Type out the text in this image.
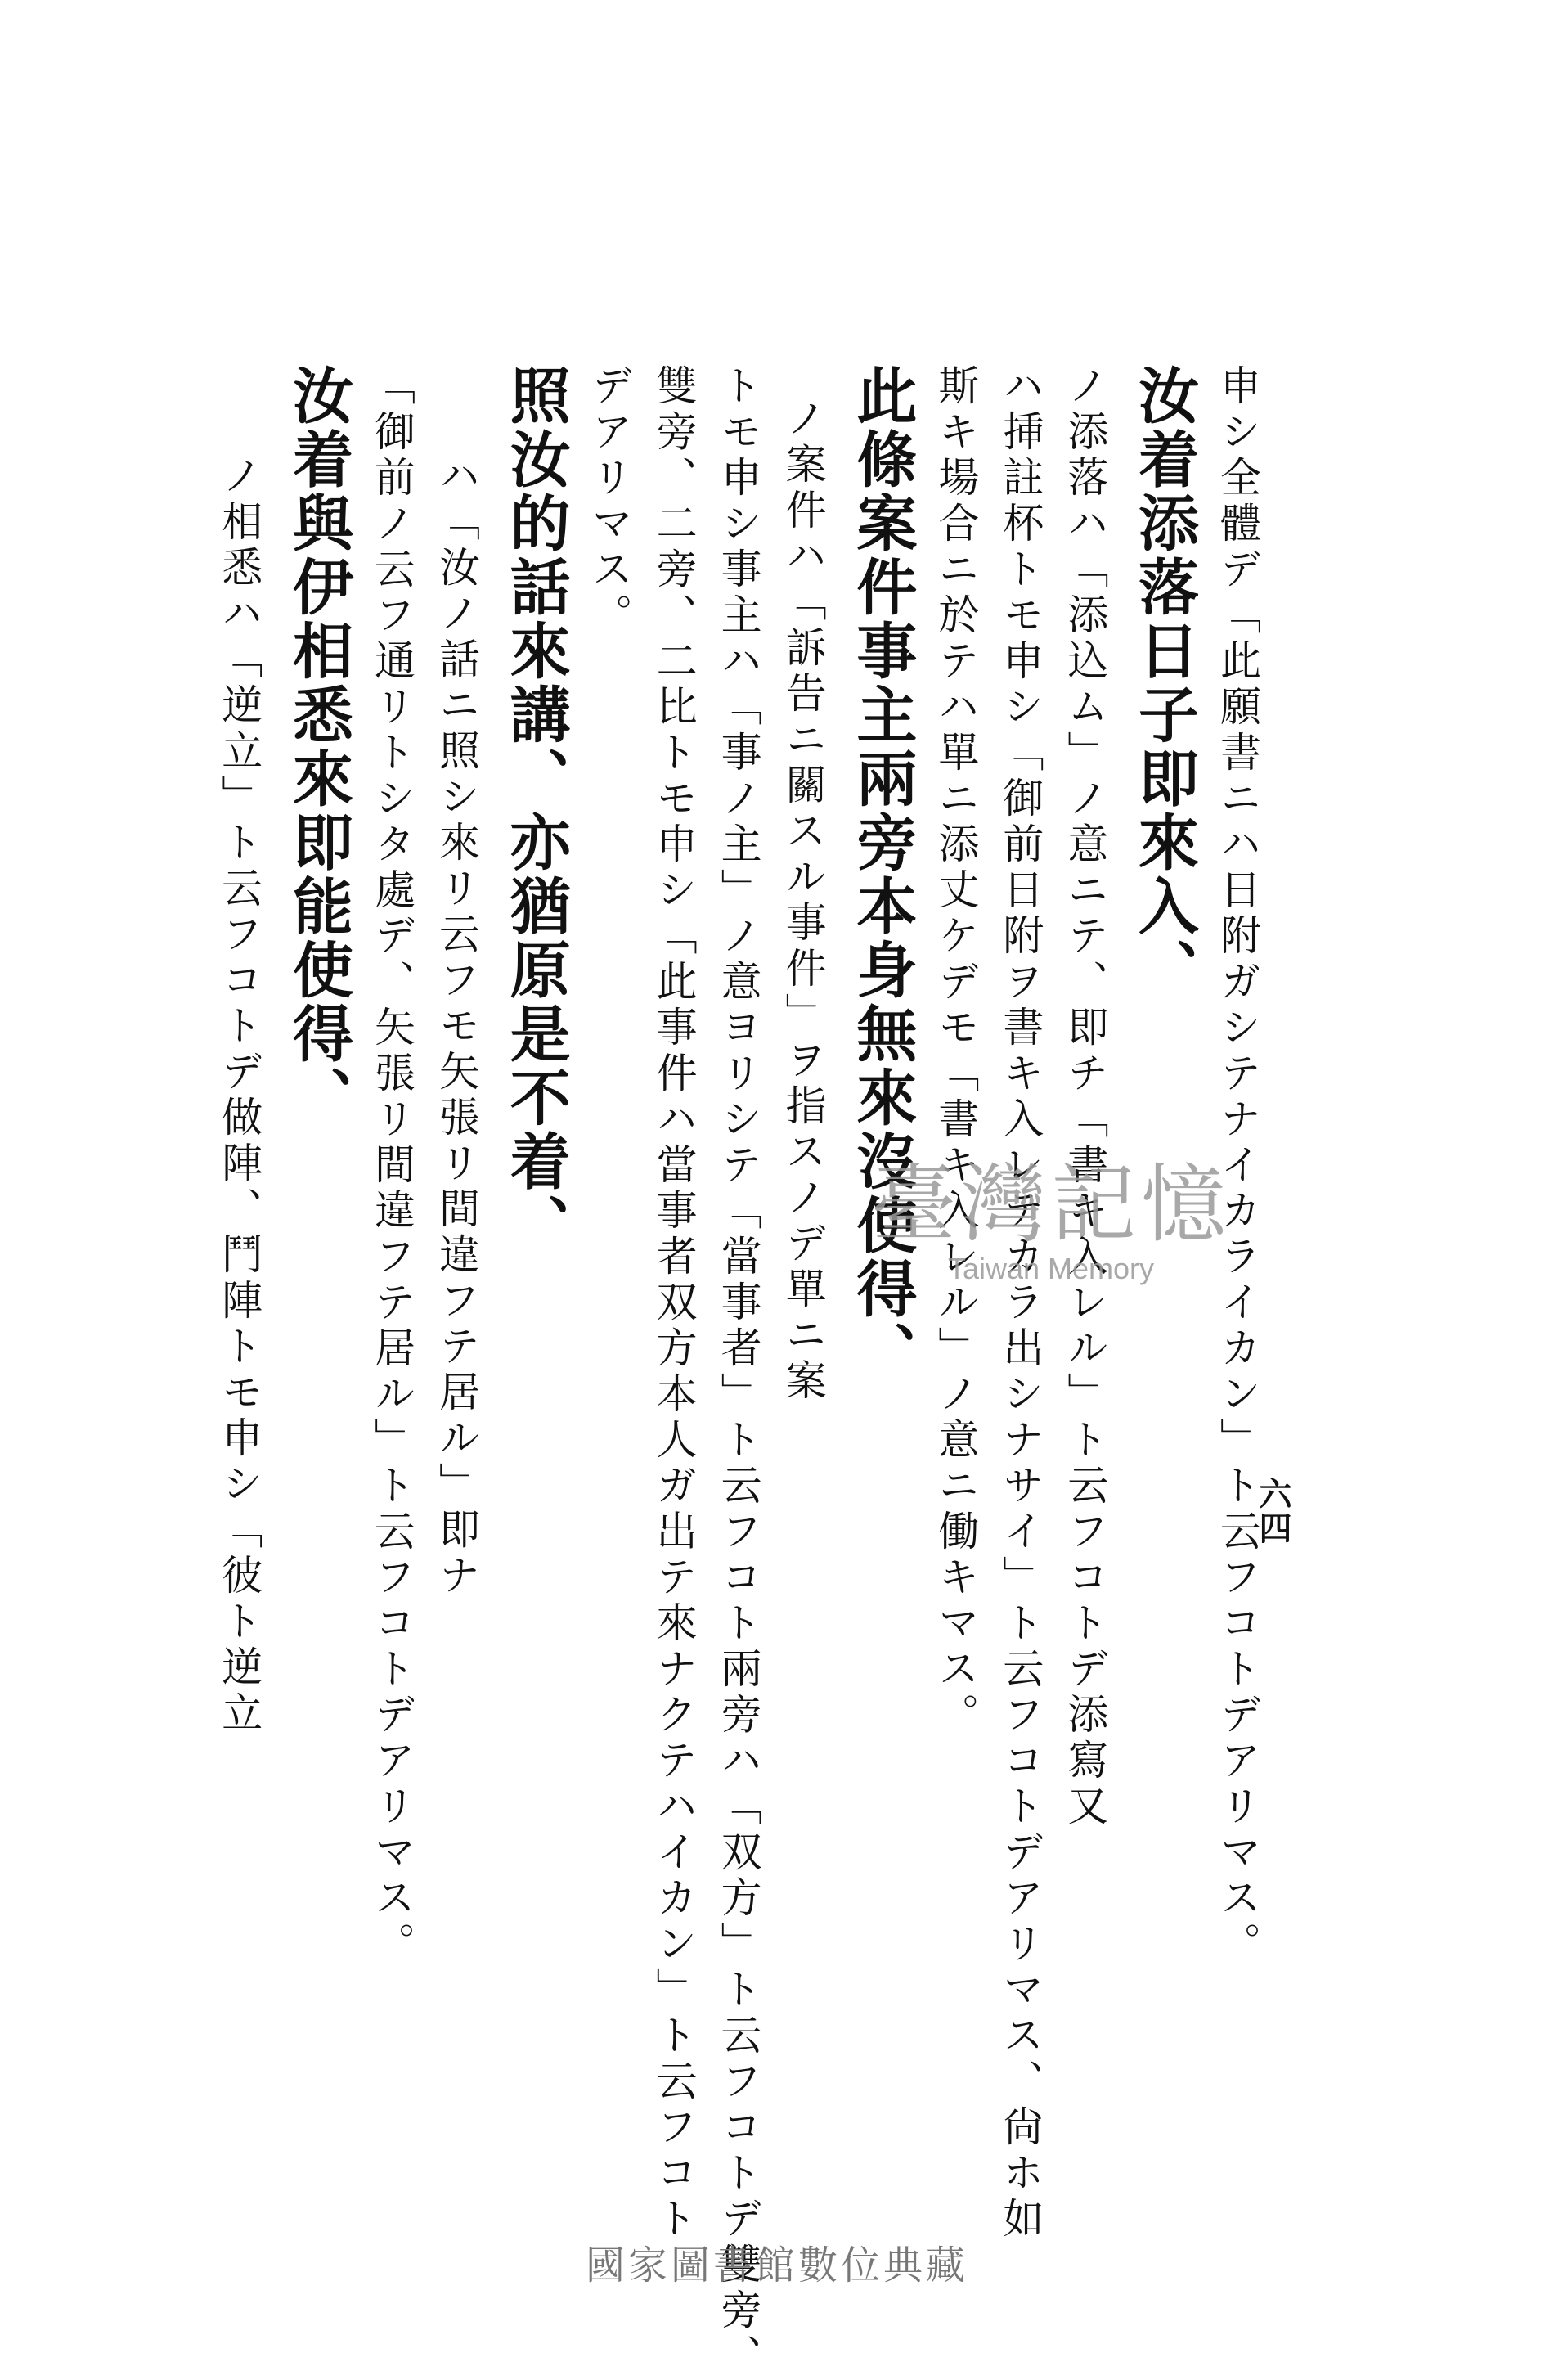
六四
申シ全體デ「此願書ニハ日附ガシテナイカライカン」ト云フコトデアリマス。
汝着添落日子即來入、
ノ添落ハ「添込ム」ノ意ニテ、即チ「書キ入レル」ト云フコトデ添寫又
ハ挿註杯トモ申シ「御前日附ヲ書キ入レテカラ出シナサイ」ト云フコトデアリマス、尙ホ如
斯キ場合ニ於テハ單ニ添丈ケデモ「書キ入レル」ノ意ニ働キマス。
此條案件事主兩旁本身無來沒使得、
ノ案件ハ「訴告ニ關スル事件」ヲ指スノデ單ニ案
トモ申シ事主ハ「事ノ主」ノ意ヨリシテ「當事者」ト云フコト兩旁ハ「双方」ト云フコトデ雙旁、
雙旁、二旁、二比トモ申シ「此事件ハ當事者双方本人ガ出テ來ナクテハイカン」ト云フコト
デアリマス。
照汝的話來講、亦猶原是不着、
ハ「汝ノ話ニ照シ來リ云フモ矢張リ間違フテ居ル」即ナ
「御前ノ云フ通リトシタ處デ、矢張リ間違フテ居ル」ト云フコトデアリマス。
汝着與伊相悉來即能使得、
ノ相悉ハ「逆立」ト云フコトデ做陣、鬥陣トモ申シ「彼ト逆立	臺灣記憶
Taiwan Memory
國家圖書館數位典藏
